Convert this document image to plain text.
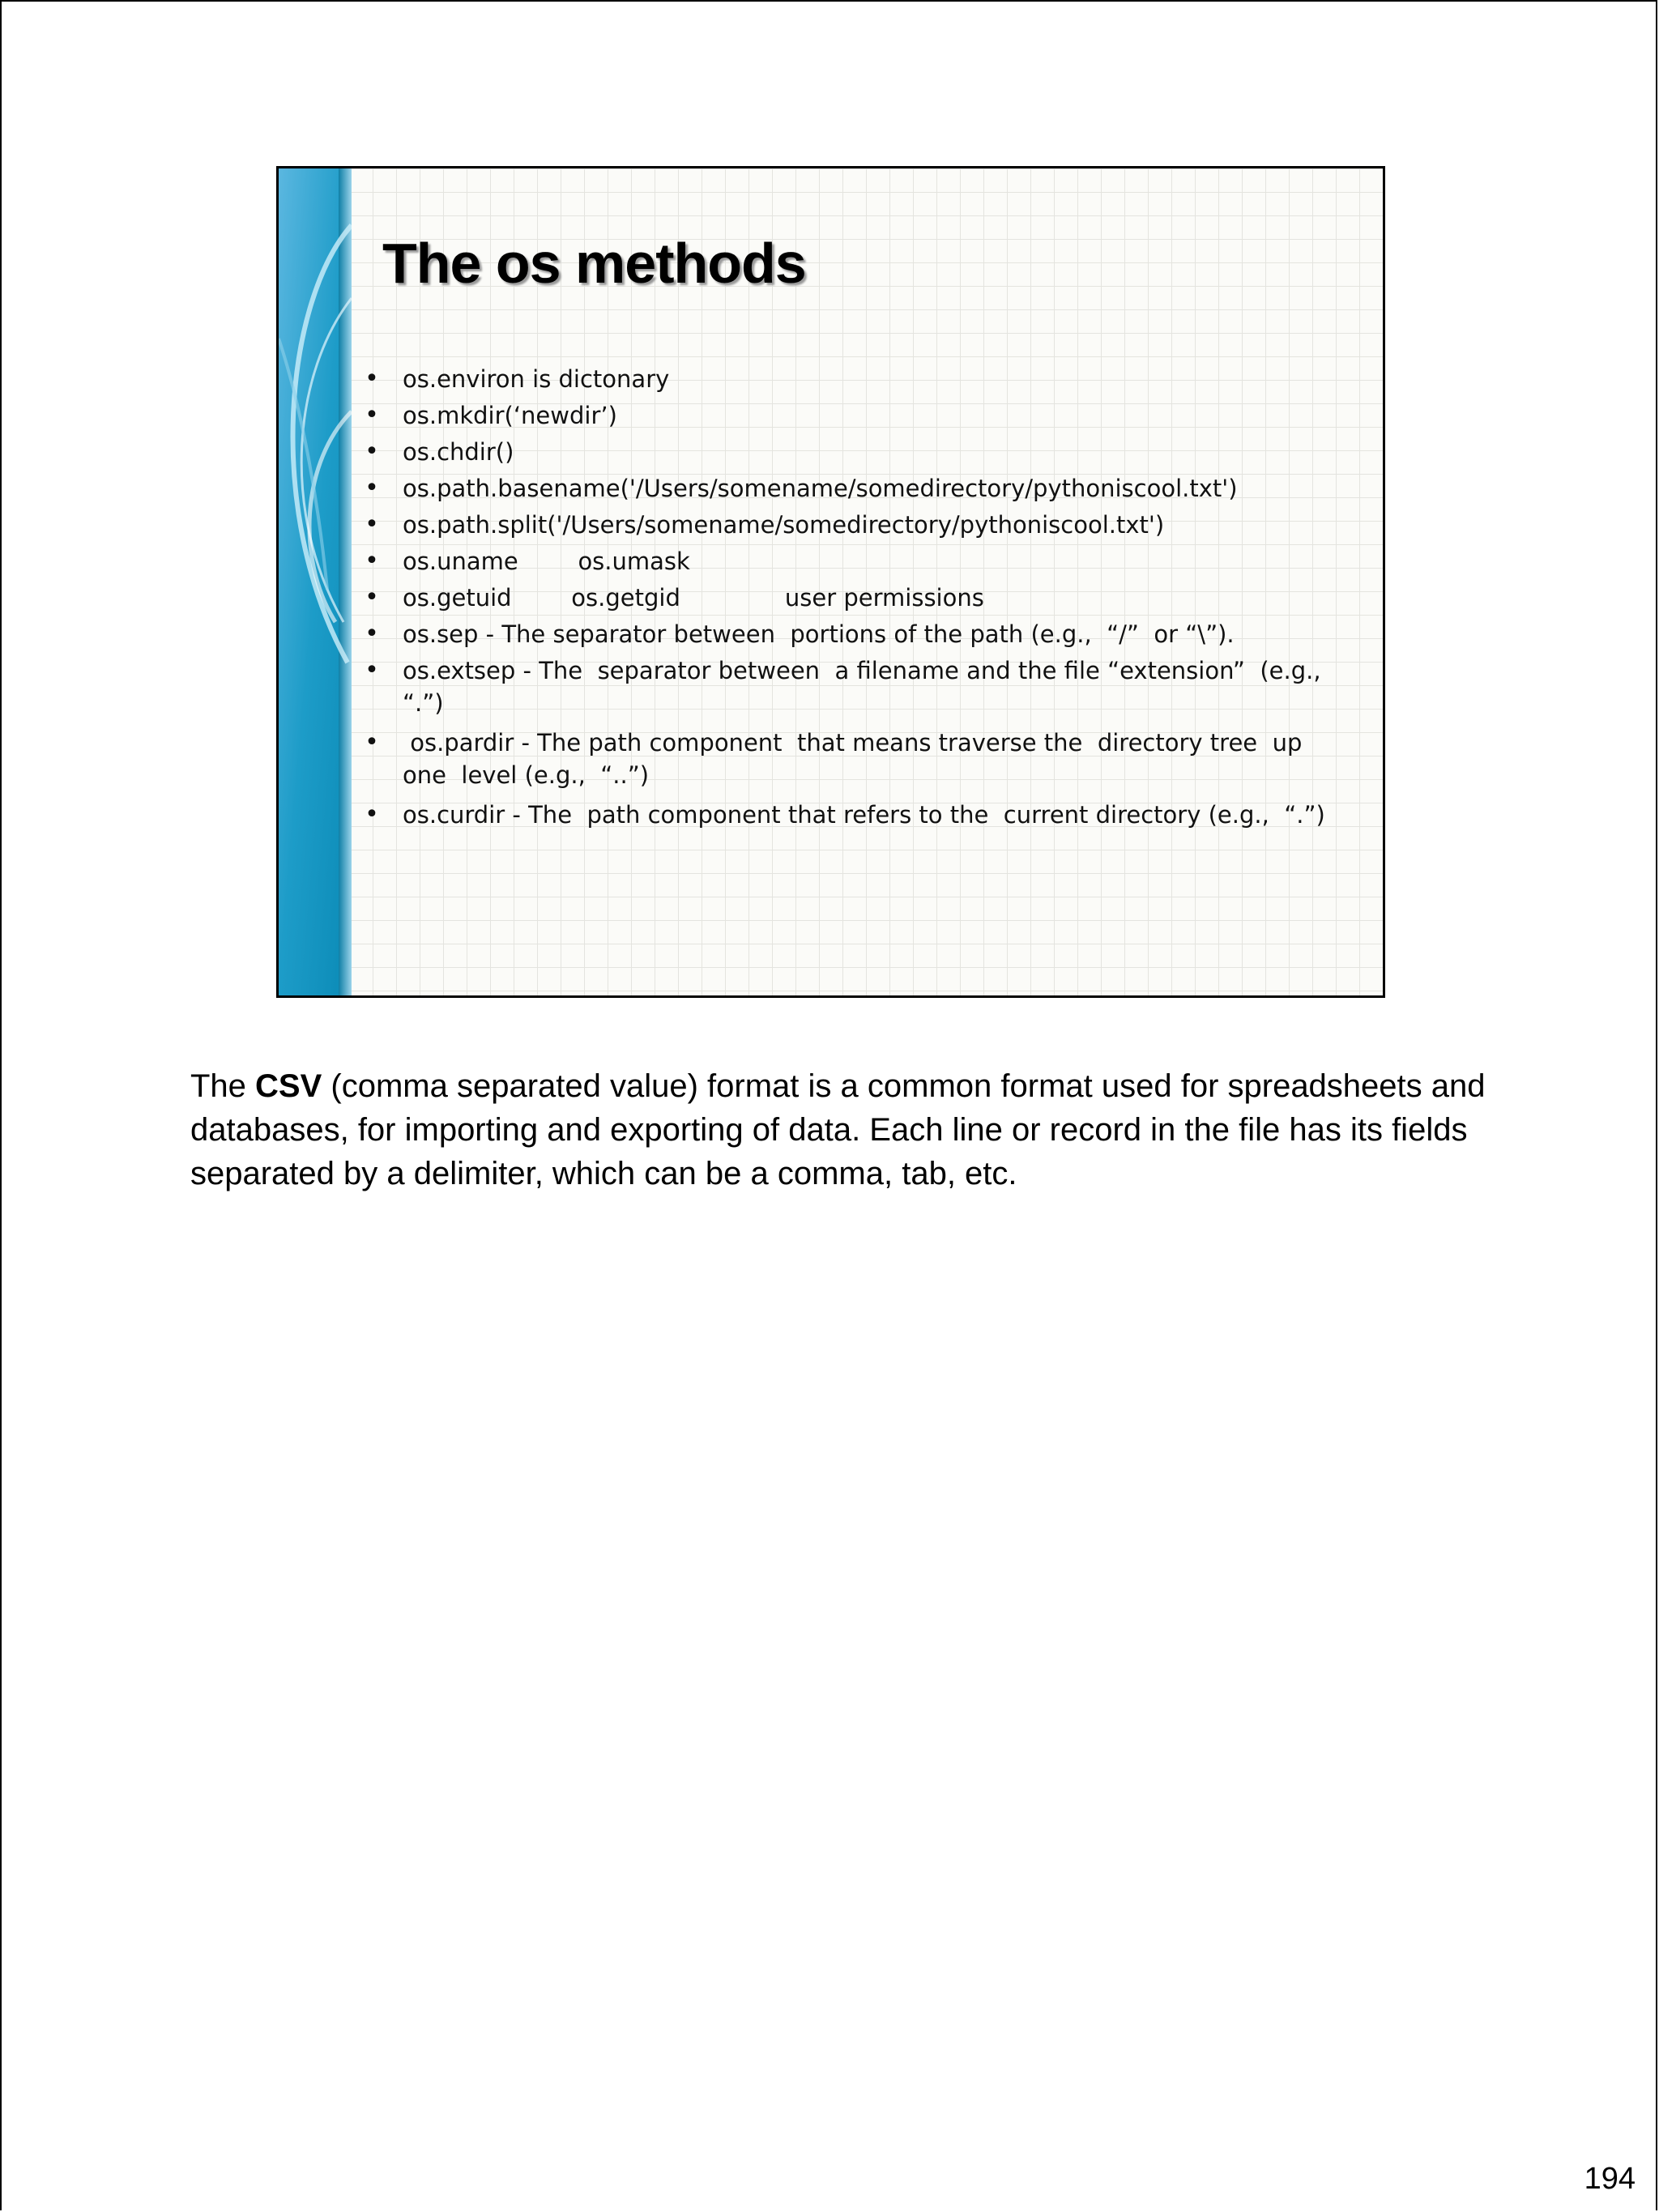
The os methods
• os.environ is dictonary
• os.mkdir(‘newdir’)
• os.chdir()
• os.path.basename('/Users/somename/somedirectory/pythoniscool.txt')
• os.path.split('/Users/somename/somedirectory/pythoniscool.txt')
• os.uname        os.umask
• os.getuid        os.getgid              user permissions
• os.sep - The separator between  portions of the path (e.g.,  “/”  or “\”).
• os.extsep - The  separator between  a filename and the file “extension”  (e.g., “.”)
• os.pardir - The path component  that means traverse the  directory tree  up one  level (e.g.,  “..”)
• os.curdir - The  path component that refers to the  current directory (e.g.,  “.”)

The CSV (comma separated value) format is a common format used for spreadsheets and databases, for importing and exporting of data. Each line or record in the file has its fields separated by a delimiter, which can be a comma, tab, etc.

194
